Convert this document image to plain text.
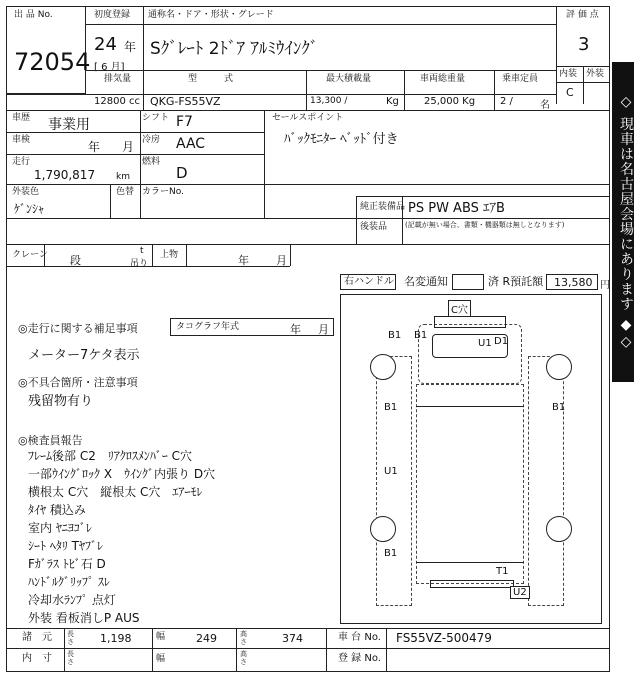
出 品 No.
72054
初度登録
24 年
[ 6 月]
通称名・ドア・形状・グレード
Sｸﾞﾚｰﾄ 2ﾄﾞｱ ｱﾙﾐｳｲﾝｸﾞ
評 価 点
3
内装 外装
C
排気量
12800 cc
型　　　式
QKG-FS55VZ
最大積載量
13,300 /	Kg
車両総重量
25,000 Kg
乗車定員
2 /	名
車歴 事業用	シフト F7
車検	年 月 冷房 AAC
走行
1,790,817 km
燃料
D
外装色
ｹﾞﾝｼｬ
色替 カラーNo.
セールスポイント
ﾊﾞｯｸﾓﾆﾀｰ ﾍﾞｯﾄﾞ付き
純正装備品 PS PW ABS ｴｱB
後装品	(記載が無い場合、書類・機器類は無しとなります)
クレーン 段
t
吊り
上物	年 月
右ハンドル 名変通知	済 R預託額 13,580 円
タコグラフ年式	年 月
◎走行に関する補足事項
メーター7ケタ表示
◎不具合箇所・注意事項
残留物有り
◎検査員報告
ﾌﾚｰﾑ後部 C2　ﾘｱｸﾛｽﾒﾝﾊﾞｰ C穴
一部ｳｲﾝｸﾞﾛｯｸ X　ｳｲﾝｸﾞ内張り D穴
横根太 C穴　縦根太 C穴　ｴｱｰﾓﾚ
ﾀｲﾔ 積込み
室内 ﾔﾆﾖｺﾞﾚ
ｼｰﾄ ﾍﾀﾘ Tﾔﾌﾞﾚ
Fｶﾞﾗｽ ﾄﾋﾞ石 D
ﾊﾝﾄﾞﾙｸﾞﾘｯﾌﾟ ｽﾚ
冷却水ﾗﾝﾌﾟ 点灯
外装 看板消しP AUS
C穴
U1
B1 B1
D1
B1	B1
U1
B1
T1
U2
諸　元 長さ 1,198	幅	249	高さ	374	車 台 No. FS55VZ-500479
内　寸 長さ	幅	高さ	登 録 No.
◇ 現車は名古屋会場にあります ◆◇
